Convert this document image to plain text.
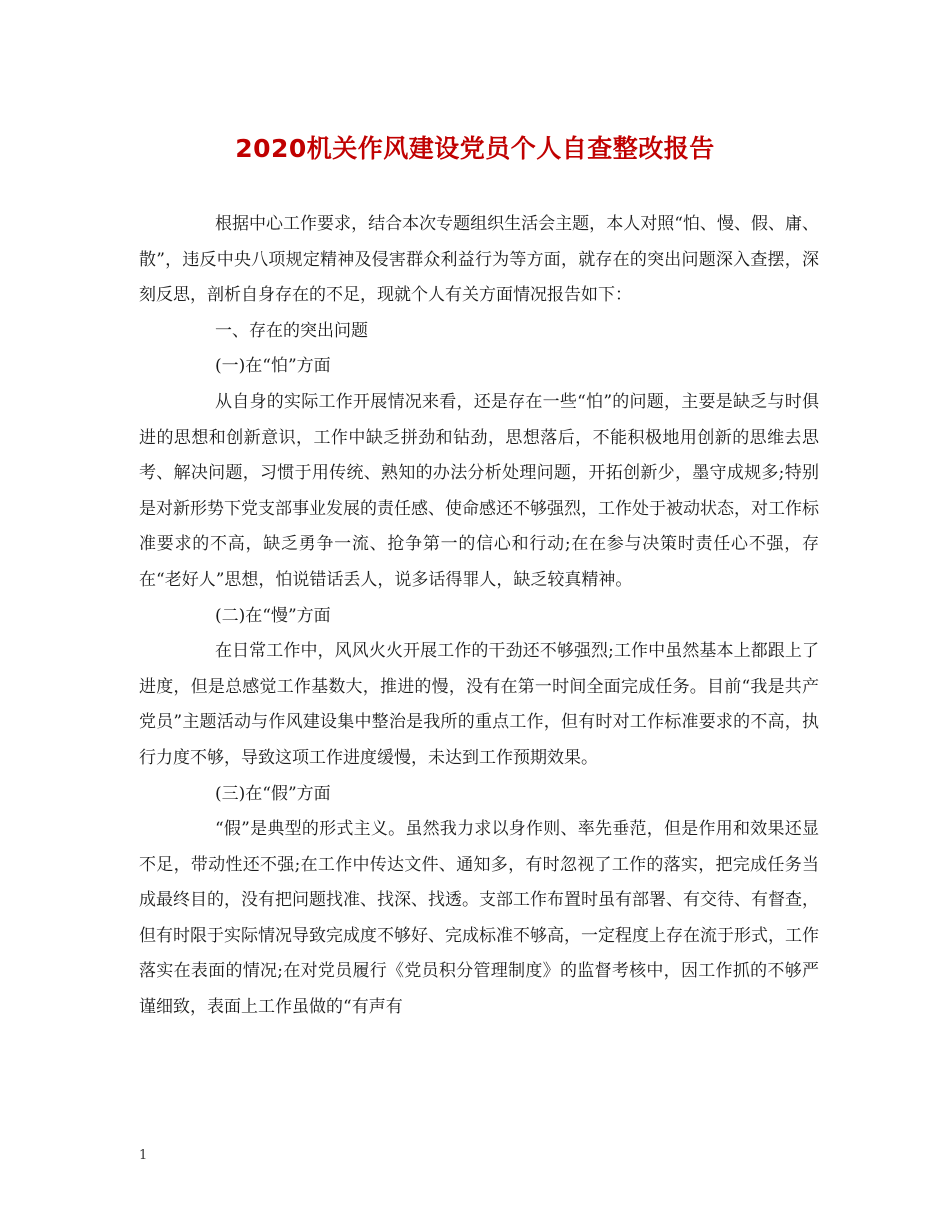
2020机关作风建设党员个人自查整改报告

根据中心工作要求，结合本次专题组织生活会主题，本人对照“怕、慢、假、庸、散”，违反中央八项规定精神及侵害群众利益行为等方面，就存在的突出问题深入查摆，深刻反思，剖析自身存在的不足，现就个人有关方面情况报告如下：

一、存在的突出问题

(一)在“怕”方面

从自身的实际工作开展情况来看，还是存在一些“怕”的问题，主要是缺乏与时俱进的思想和创新意识，工作中缺乏拼劲和钻劲，思想落后，不能积极地用创新的思维去思考、解决问题，习惯于用传统、熟知的办法分析处理问题，开拓创新少，墨守成规多;特别是对新形势下党支部事业发展的责任感、使命感还不够强烈，工作处于被动状态，对工作标准要求的不高，缺乏勇争一流、抢争第一的信心和行动;在在参与决策时责任心不强，存在“老好人”思想，怕说错话丢人，说多话得罪人，缺乏较真精神。

(二)在“慢”方面

在日常工作中，风风火火开展工作的干劲还不够强烈;工作中虽然基本上都跟上了进度，但是总感觉工作基数大，推进的慢，没有在第一时间全面完成任务。目前“我是共产党员”主题活动与作风建设集中整治是我所的重点工作，但有时对工作标准要求的不高，执行力度不够，导致这项工作进度缓慢，未达到工作预期效果。

(三)在“假”方面

“假”是典型的形式主义。虽然我力求以身作则、率先垂范，但是作用和效果还显不足，带动性还不强;在工作中传达文件、通知多，有时忽视了工作的落实，把完成任务当成最终目的，没有把问题找准、找深、找透。支部工作布置时虽有部署、有交待、有督查，但有时限于实际情况导致完成度不够好、完成标准不够高，一定程度上存在流于形式，工作落实在表面的情况;在对党员履行《党员积分管理制度》的监督考核中，因工作抓的不够严谨细致，表面上工作虽做的“有声有

1
